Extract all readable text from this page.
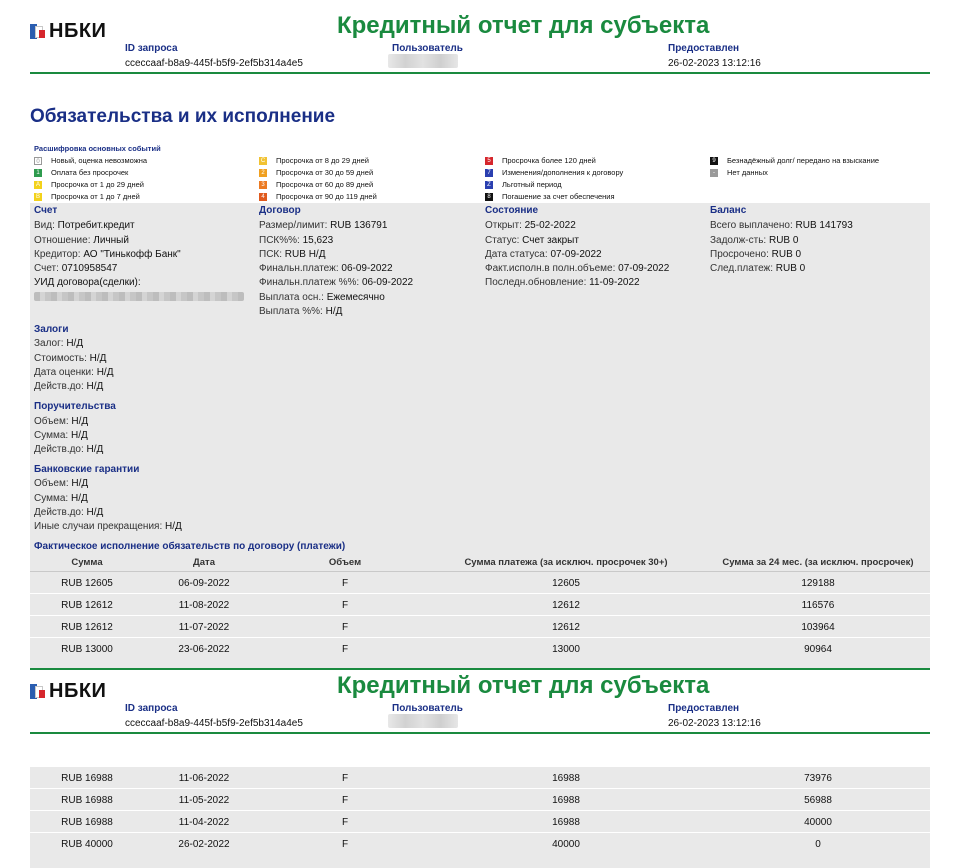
НБКИ	Кредитный отчет для субъекта
ID запроса
ccecсaaf-b8a9-445f-b5f9-2ef5b314a4e5
Пользователь	Предоставлен
26-02-2023 13:12:16
Обязательства и их исполнение
Расшифровка основных событий
0	Новый, оценка невозможна
1	Оплата без просрочек
A Просрочка от 1 до 29 дней
B Просрочка от 1 до 7 дней
C Просрочка от 8 до 29 дней
2	Просрочка от 30 до 59 дней
3	Просрочка от 60 до 89 дней
4	Просрочка от 90 до 119 дней
5	Просрочка более 120 дней
7	Изменения/дополнения к договору
Z Льготный период
8	Погашение за счет обеспечения
9	Безнадёжный долг/ передано на взыскание
-	Нет данных
Счет
Вид: Потребит.кредит
Отношение: Личный
Кредитор: АО "Тинькофф Банк"
Счет: 0710958547
УИД договора(сделки):
Договор
Размер/лимит: RUB 136791
ПСК%%: 15,623
ПСК: RUB Н/Д
Финальн.платеж: 06-09-2022
Финальн.платеж %%: 06-09-2022
Выплата осн.: Ежемесячно
Выплата %%: Н/Д
Состояние
Открыт: 25-02-2022
Статус: Счет закрыт
Дата статуса: 07-09-2022
Факт.исполн.в полн.объеме: 07-09-2022
Последн.обновление: 11-09-2022
Баланс
Всего выплачено: RUB 141793
Задолж-сть: RUB 0
Просрочено: RUB 0
След.платеж: RUB 0
Залоги
Залог: Н/Д
Стоимость: Н/Д
Дата оценки: Н/Д
Действ.до: Н/Д
Поручительства
Объем: Н/Д
Сумма: Н/Д
Действ.до: Н/Д
Банковские гарантии
Объем: Н/Д
Сумма: Н/Д
Действ.до: Н/Д
Иные случаи прекращения: Н/Д
Фактическое исполнение обязательств по договору (платежи)
Сумма	Дата	Объем	Сумма платежа (за исключ. просрочек 30+)	Сумма за 24 мес. (за исключ. просрочек)
RUB 12605	06-09-2022	F	12605	129188
RUB 12612	11-08-2022	F	12612	116576
RUB 12612	11-07-2022	F	12612	103964
RUB 13000	23-06-2022	F	13000	90964
НБКИ	Кредитный отчет для субъекта
ID запроса
ccecсaaf-b8a9-445f-b5f9-2ef5b314a4e5
Пользователь	Предоставлен
26-02-2023 13:12:16
RUB 16988	11-06-2022	F	16988	73976
RUB 16988	11-05-2022	F	16988	56988
RUB 16988	11-04-2022	F	16988	40000
RUB 40000	26-02-2022	F	40000	0
